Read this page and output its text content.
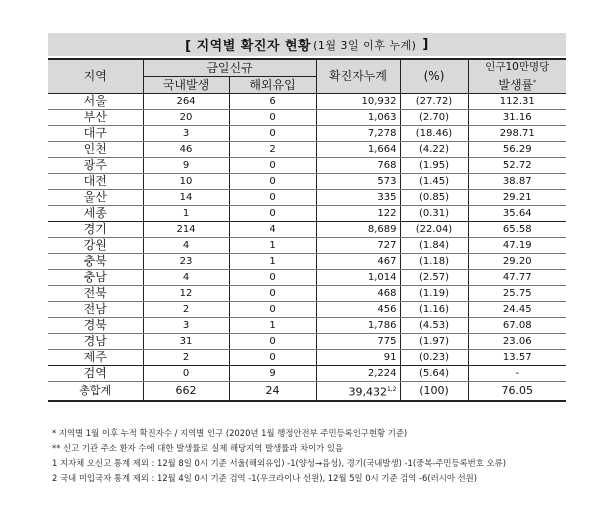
[ 지역별 확진자 현황 (1월 3일 이후 누계) ]
지역	금일신규		확진자누계	(%)	인구10만명당
발생률*

	국내발생	해외유입			
서울	264	6	10,932	(27.72)	112.31
부산	20	0	1,063	(2.70)	31.16
대구	3	0	7,278	(18.46)	298.71
인천	46	2	1,664	(4.22)	56.29
광주	9	0	768	(1.95)	52.72
대전	10	0	573	(1.45)	38.87
울산	14	0	335	(0.85)	29.21
세종	1	0	122	(0.31)	35.64
경기	214	4	8,689	(22.04)	65.58
강원	4	1	727	(1.84)	47.19
충북	23	1	467	(1.18)	29.20
충남	4	0	1,014	(2.57)	47.77
전북	12	0	468	(1.19)	25.75
전남	2	0	456	(1.16)	24.45
경북	3	1	1,786	(4.53)	67.08
경남	31	0	775	(1.97)	23.06
제주	2	0	91	(0.23)	13.57
검역	0	9	2,224	(5.64)	-
총합계	662	24	39,432$^{1,2}$	(100)	76.05
* 지역별 1월 이후 누적 확진자수 / 지역별 인구 (2020년 1월 행정안전부 주민등록인구현황 기준)
** 신고 기관 주소 환자 수에 대한 발생률로 실제 해당지역 발생률과 차이가 있음
1 지자체 오신고 통계 제외 : 12월 8일 0시 기준 서울(해외유입) -1(양성→음성), 경기(국내발생) -1(중복-주민등록번호 오류)
2 국내 미입국자 통계 제외 : 12월 4일 0시 기준 검역 -1(우크라이나 선원), 12월 5일 0시 기준 검역 -6(러시아 선원)
